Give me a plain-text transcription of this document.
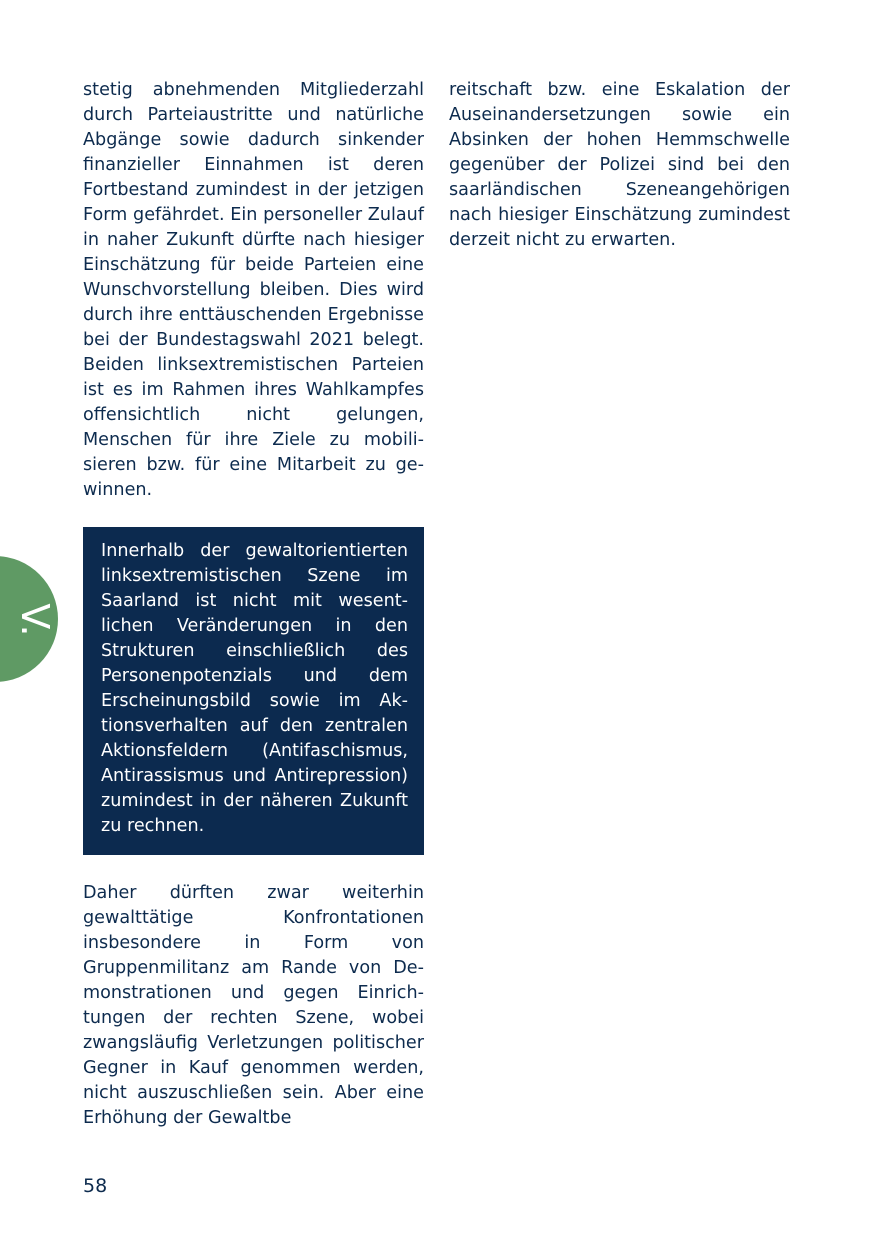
V.

stetig abnehmenden Mitgliederzahl durch Parteiaustritte und natürliche Abgänge sowie dadurch sinkender finanzieller Einnahmen ist deren Fortbestand zumindest in der jetzigen Form gefährdet. Ein personeller Zulauf in naher Zukunft dürfte nach hiesiger Einschätzung für beide Parteien eine Wunschvorstellung bleiben. Dies wird durch ihre enttäuschenden Ergebnisse bei der Bundestagswahl 2021 belegt. Beiden linksextremistischen Parteien ist es im Rahmen ihres Wahlkampfes offensichtlich nicht gelungen, Menschen für ihre Ziele zu mobilisieren bzw. für eine Mitarbeit zu gewinnen.

Innerhalb der gewaltorientierten linksextremistischen Szene im Saarland ist nicht mit wesentlichen Veränderungen in den Strukturen einschließlich des Personenpotenzials und dem Erscheinungsbild sowie im Aktionsverhalten auf den zentralen Aktionsfeldern (Antifaschismus, Antirassismus und Antirepression) zumindest in der näheren Zukunft zu rechnen.

Daher dürften zwar weiterhin gewalttätige Konfrontationen insbesondere in Form von Gruppenmilitanz am Rande von Demonstrationen und gegen Einrichtungen der rechten Szene, wobei zwangsläufig Verletzungen politischer Gegner in Kauf genommen werden, nicht auszuschließen sein. Aber eine Erhöhung der Gewaltbe

reitschaft bzw. eine Eskalation der Auseinandersetzungen sowie ein Absinken der hohen Hemmschwelle gegenüber der Polizei sind bei den saarländischen Szeneangehörigen nach hiesiger Einschätzung zumindest derzeit nicht zu erwarten.

58
